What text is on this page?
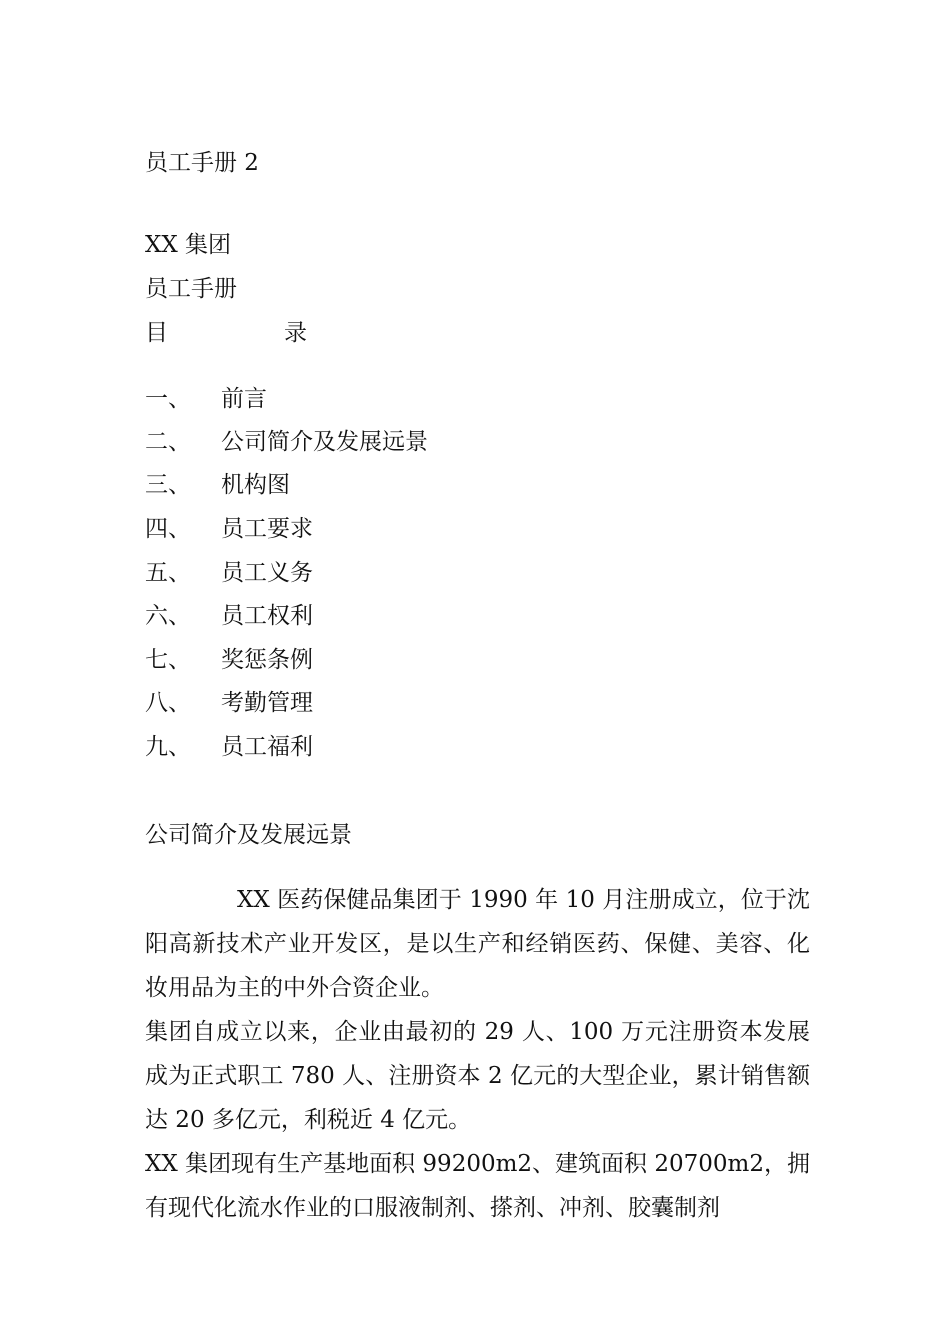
员工手册 2
XX 集团
员工手册
目	录
一、 前言
二、 公司简介及发展远景
三、 机构图
四、 员工要求
五、 员工义务
六、 员工权利
七、 奖惩条例
八、 考勤管理
九、 员工福利
公司简介及发展远景
XX 医药保健品集团于 1990 年 10 月注册成立，位于沈阳高新技术产业开发区，是以生产和经销医药、保健、美容、化妆用品为主的中外合资企业。
集团自成立以来，企业由最初的 29 人、100 万元注册资本发展成为正式职工 780 人、注册资本 2 亿元的大型企业，累计销售额达 20 多亿元，利税近 4 亿元。
XX 集团现有生产基地面积 99200m2、建筑面积 20700m2，拥有现代化流水作业的口服液制剂、搽剂、冲剂、胶囊制剂
